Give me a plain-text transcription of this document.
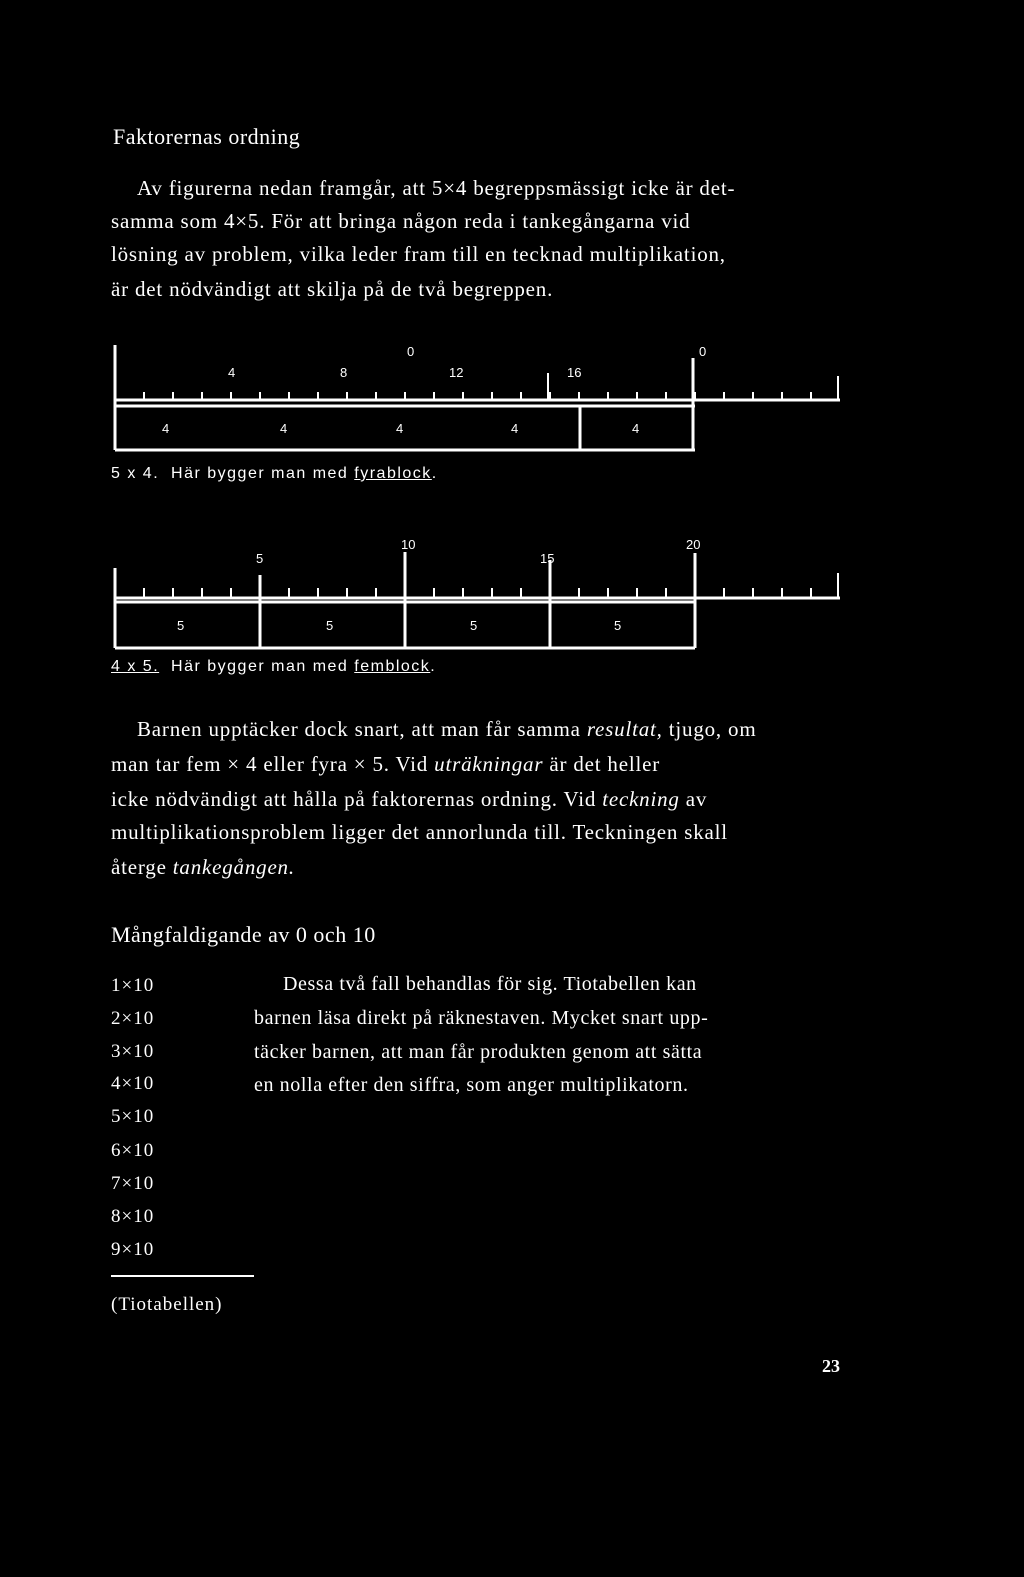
Faktorernas ordning
Av figurerna nedan framgår, att 5×4 begreppsmässigt icke är det-
samma som 4×5. För att bringa någon reda i tankegångarna vid
lösning av problem, vilka leder fram till en tecknad multiplikation,
är det nödvändigt att skilja på de två begreppen.
4	8
0
12	16
0
4	4	4	4	4
5
10
15
20
5	5	5	5
5 x 4. Här bygger man med fyrablock.
4 x 5. Här bygger man med femblock.
Barnen upptäcker dock snart, att man får samma resultat, tjugo, om
man tar fem × 4 eller fyra × 5. Vid uträkningar är det heller
icke nödvändigt att hålla på faktorernas ordning. Vid teckning av
multiplikationsproblem ligger det annorlunda till. Teckningen skall
återge tankegången.
Mångfaldigande av 0 och 10
1×10
2×10
3×10
4×10
5×10
6×10
7×10
8×10
9×10
(Tiotabellen)
Dessa två fall behandlas för sig. Tiotabellen kan
barnen läsa direkt på räknestaven. Mycket snart upp-
täcker barnen, att man får produkten genom att sätta
en nolla efter den siffra, som anger multiplikatorn.
23
